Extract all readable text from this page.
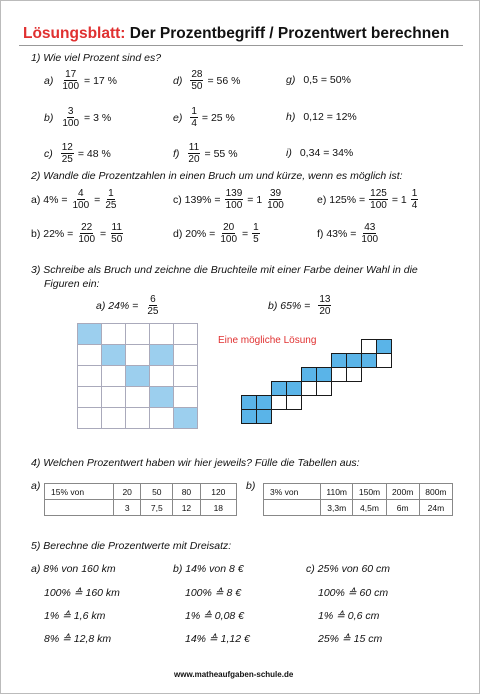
Lösungsblatt: Der Prozentbegriff / Prozentwert berechnen
1) Wie viel Prozent sind es?
$a) \frac{17}{100} = 17$ %
$b) \frac{3}{100} = 3$ %
$c) \frac{12}{25} = 48$ %
$d) \frac{28}{50} = 56$ %
$e) \frac{1}{4} = 25$ %
$f) \frac{11}{20} = 55$ %
g) 0,5 = 50%
h) 0,12 = 12%
i) 0,34 = 34%
2) Wandle die Prozentzahlen in einen Bruch um und kürze, wenn es möglich ist:
a) $4\% = \frac{4}{100} = \frac{1}{25}$
b) $22\% = \frac{22}{100} = \frac{11}{50}$
c) $139\% = \frac{139}{100} = 1 \frac{39}{100}$
d) $20\% = \frac{20}{100} = \frac{1}{5}$
e) $125\% = \frac{125}{100} = 1 \frac{1}{4}$
f) $43\% = \frac{43}{100}$
3) Schreibe als Bruch und zeichne die Bruchteile mit einer Farbe deiner Wahl in die
Figuren ein:
a) $24\% = \frac{6}{25}$	b) $65\% = \frac{13}{20}$
Eine mögliche Lösung
4) Welchen Prozentwert haben wir hier jeweils? Fülle die Tabellen aus:
a) 15% von	20	50	80	120
	3	7,5	12	18
b) 3% von	110m	150m	200m	800m
	3,3m	4,5m	6m	24m
5) Berechne die Prozentwerte mit Dreisatz:
a) 8% von 160 km
100% ≙ 160 km
1% ≙ 1,6 km
8% ≙ 12,8 km
b) 14% von 8 €
100% ≙ 8 €
1% ≙ 0,08 €
14% ≙ 1,12 €
c) 25% von 60 cm
100% ≙ 60 cm
1% ≙ 0,6 cm
25% ≙ 15 cm
www.matheaufgaben-schule.de
